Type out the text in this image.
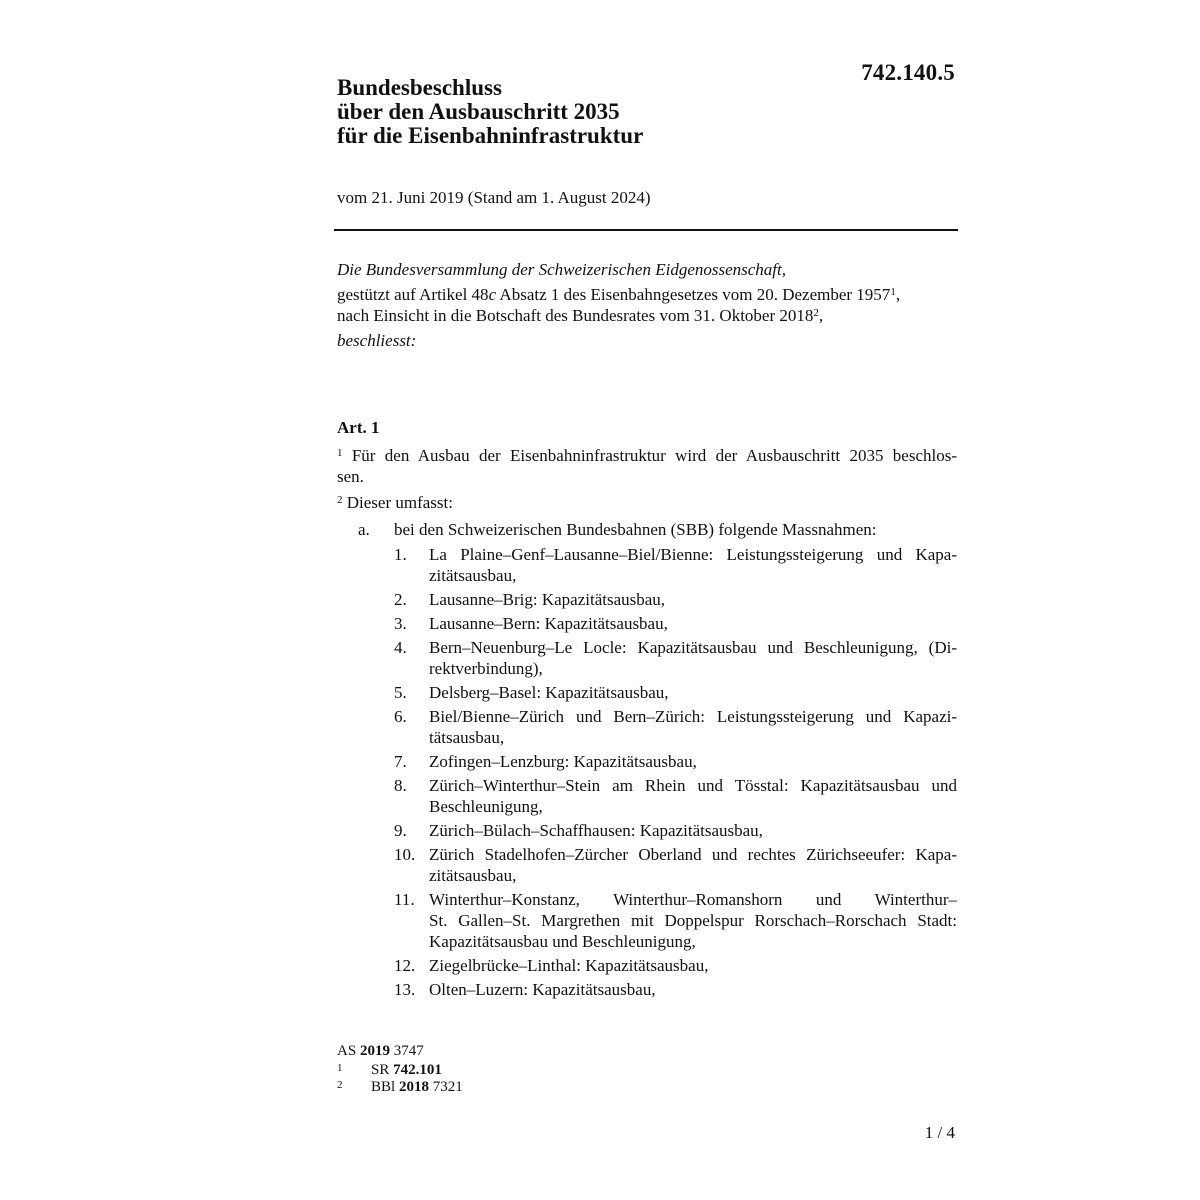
742.140.5
Bundesbeschluss
über den Ausbauschritt 2035
für die Eisenbahninfrastruktur
vom 21. Juni 2019 (Stand am 1. August 2024)
Die Bundesversammlung der Schweizerischen Eidgenossenschaft,
gestützt auf Artikel 48c Absatz 1 des Eisenbahngesetzes vom 20. Dezember 1957$^1$,
nach Einsicht in die Botschaft des Bundesrates vom 31. Oktober 2018$^2$,
beschliesst:
Art. 1
$^1$ Für den Ausbau der Eisenbahninfrastruktur wird der Ausbauschritt 2035 beschlos-
sen.
$^2$ Dieser umfasst:
a. bei den Schweizerischen Bundesbahnen (SBB) folgende Massnahmen:
1. La Plaine–Genf–Lausanne–Biel/Bienne: Leistungssteigerung und Kapa-
zitätsausbau,
2. Lausanne–Brig: Kapazitätsausbau,
3. Lausanne–Bern: Kapazitätsausbau,
4. Bern–Neuenburg–Le Locle: Kapazitätsausbau und Beschleunigung, (Di-
rektverbindung),
5. Delsberg–Basel: Kapazitätsausbau,
6. Biel/Bienne–Zürich und Bern–Zürich: Leistungssteigerung und Kapazi-
tätsausbau,
7. Zofingen–Lenzburg: Kapazitätsausbau,
8. Zürich–Winterthur–Stein am Rhein und Tösstal: Kapazitätsausbau und
Beschleunigung,
9. Zürich–Bülach–Schaffhausen: Kapazitätsausbau,
10. Zürich Stadelhofen–Zürcher Oberland und rechtes Zürichseeufer: Kapa-
zitätsausbau,
11. Winterthur–Konstanz, Winterthur–Romanshorn und Winterthur–
St. Gallen–St. Margrethen mit Doppelspur Rorschach–Rorschach Stadt:
Kapazitätsausbau und Beschleunigung,
12. Ziegelbrücke–Linthal: Kapazitätsausbau,
13. Olten–Luzern: Kapazitätsausbau,
AS 2019 3747
1 SR 742.101
2 BBl 2018 7321
1 / 4
